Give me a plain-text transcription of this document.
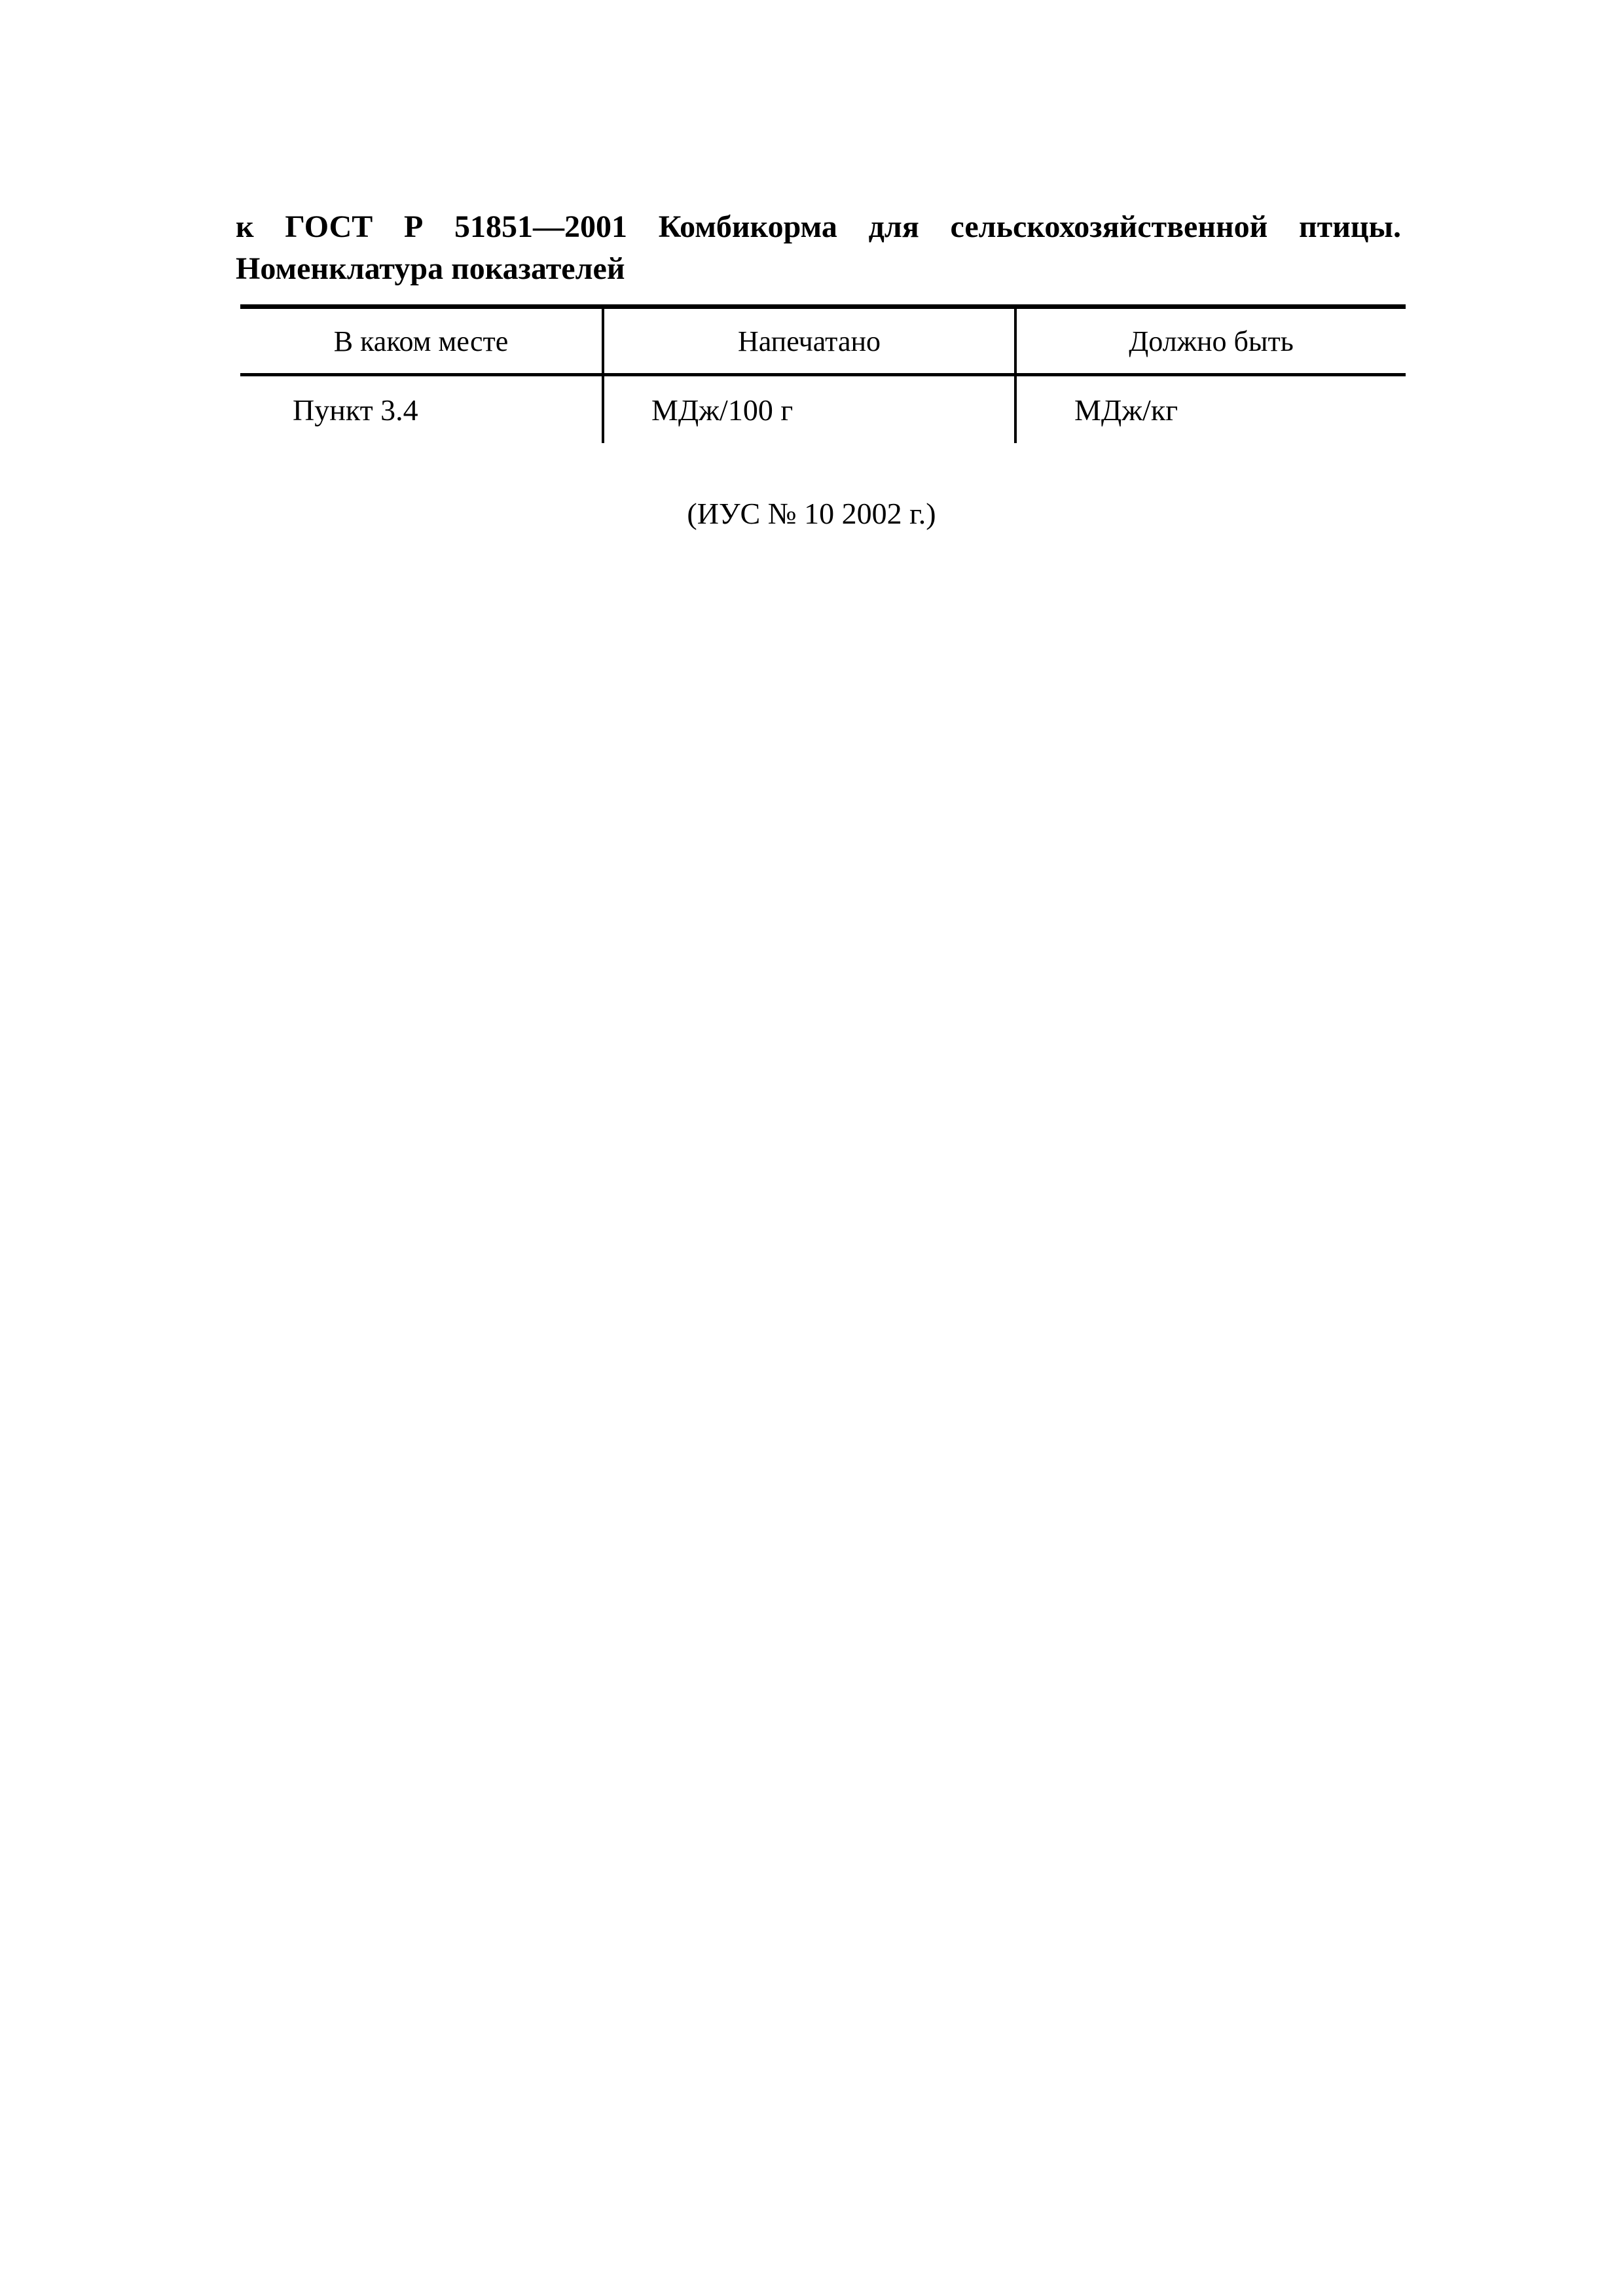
к ГОСТ Р 51851—2001 Комбикорма для сельскохозяйственной птицы.
Номенклатура показателей
В каком месте	Напечатано	Должно быть
Пункт 3.4	МДж/100 г	МДж/кг
(ИУС № 10 2002 г.)
